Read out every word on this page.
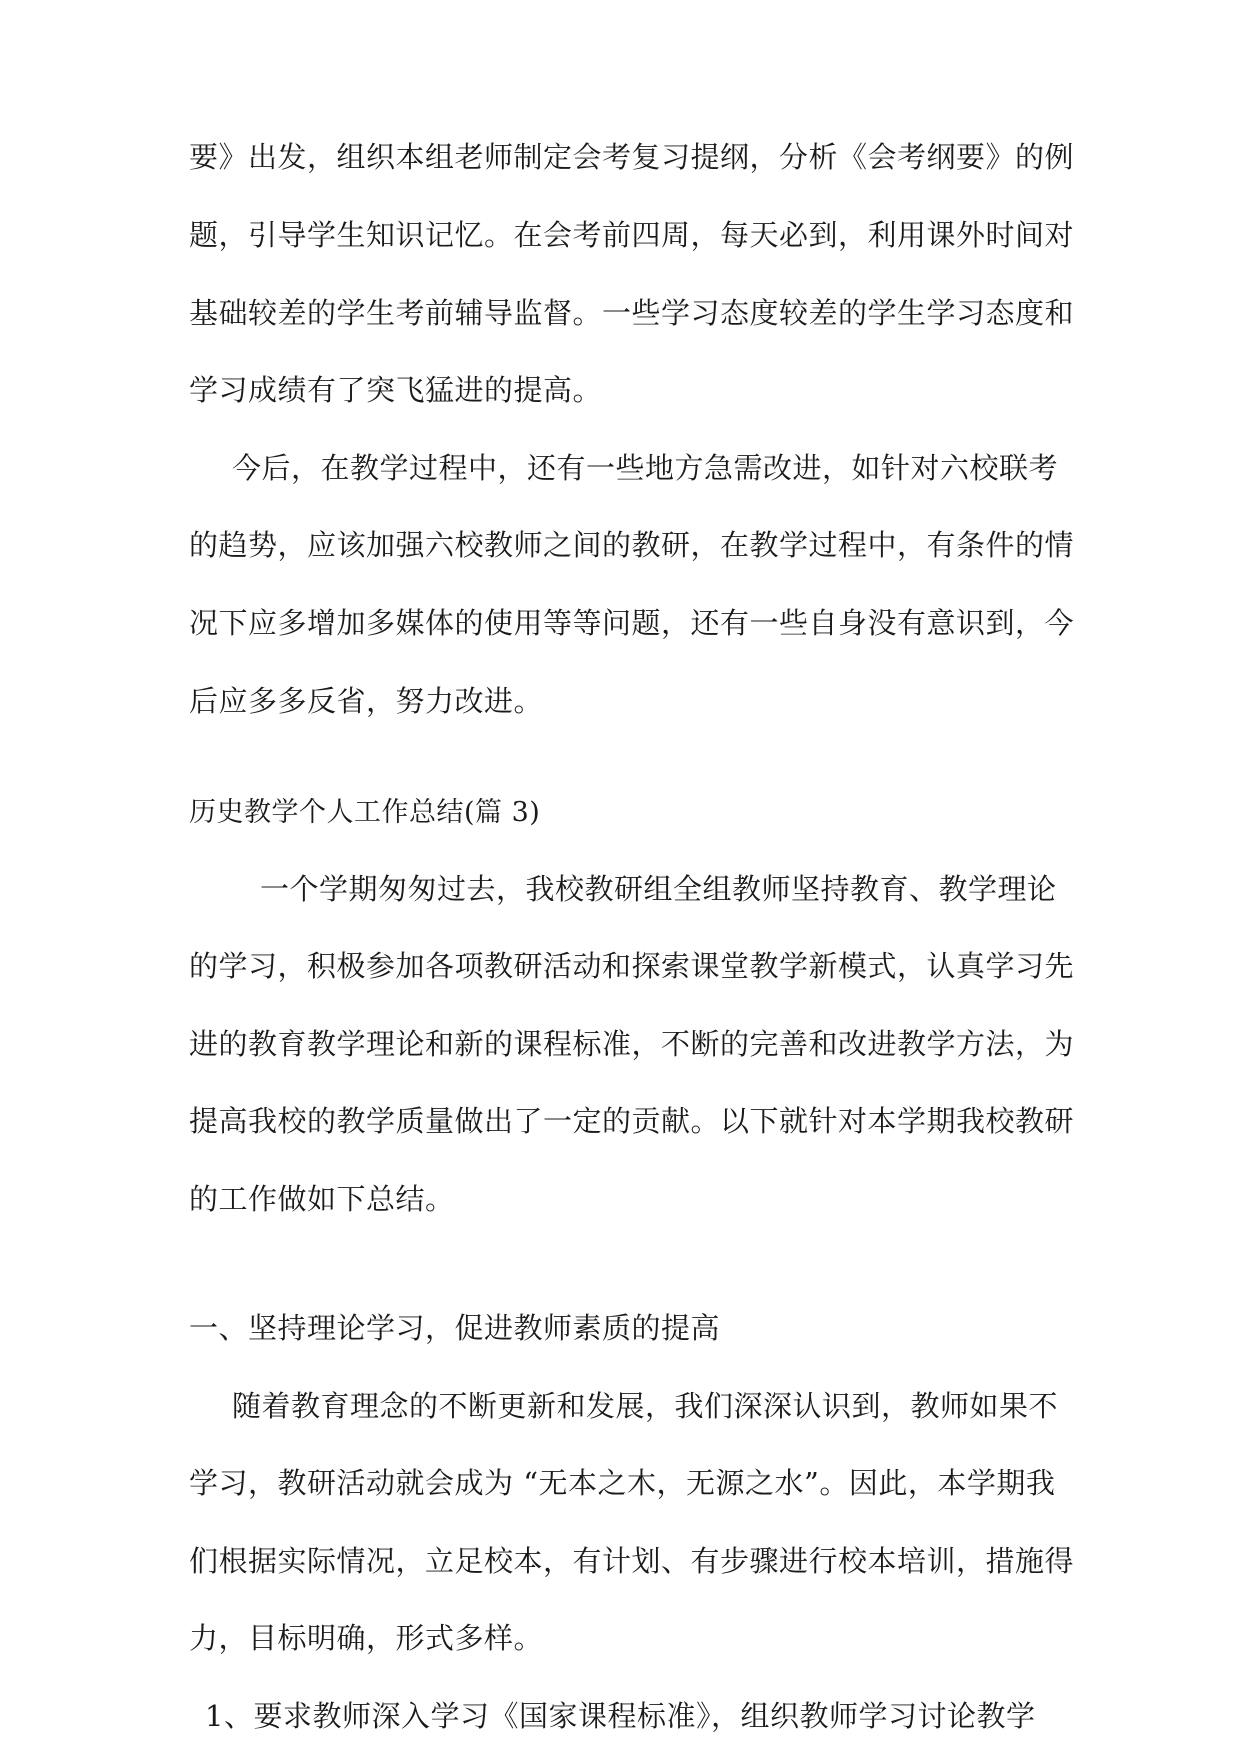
要》出发，组织本组老师制定会考复习提纲，分析《会考纲要》的例
题，引导学生知识记忆。在会考前四周，每天必到，利用课外时间对
基础较差的学生考前辅导监督。一些学习态度较差的学生学习态度和
学习成绩有了突飞猛进的提高。
今后，在教学过程中，还有一些地方急需改进，如针对六校联考
的趋势，应该加强六校教师之间的教研，在教学过程中，有条件的情
况下应多增加多媒体的使用等等问题，还有一些自身没有意识到，今
后应多多反省，努力改进。
历史教学个人工作总结(篇 3)
一个学期匆匆过去，我校教研组全组教师坚持教育、教学理论
的学习，积极参加各项教研活动和探索课堂教学新模式，认真学习先
进的教育教学理论和新的课程标准，不断的完善和改进教学方法，为
提高我校的教学质量做出了一定的贡献。以下就针对本学期我校教研
的工作做如下总结。
一、坚持理论学习，促进教师素质的提高
随着教育理念的不断更新和发展，我们深深认识到，教师如果不
学习，教研活动就会成为 “无本之木，无源之水”。因此，本学期我
们根据实际情况，立足校本，有计划、有步骤进行校本培训，措施得
力，目标明确，形式多样。
1、要求教师深入学习《国家课程标准》，组织教师学习讨论教学
